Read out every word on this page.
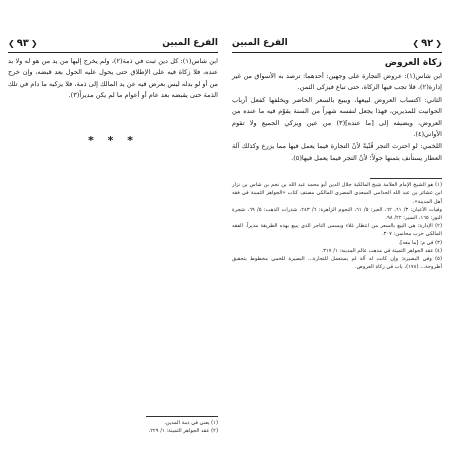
الفرع المبين
❮
٩٣
❯

ابن شاس(١): كل دين ثبت في ذمة(٢)، ولم يخرج إليها من يد من هو له ولا بد عنده، فلا زكاة فيه على الإطلاق حتى يحول عليه الحول بعد قبضه، وإن خرج من أو لو بدله ليس بعرض فيه عن يد المالك إلى ذمة، فلا يزكيه ما دام في تلك الذمة حتى يقبضه بعد عام أو أعوام ما لم يكن مديراً(٣).

* * *

(١) يعني في ذمة المدين.

(٢) عقد الجواهر الثمينة: ١/ ٢٢٩.

❮
٩٢
❯
الفرع المبين
زكاة العروض

ابن شاس(١): عروض التجارة على وجهين: أحدهما: ترصد به الأسواق من غير إدارة(٢)، فلا تجب فيها الزكاة، حتى تباع فيزكى الثمن.

الثاني: اكتساب العروض لبيعها، ويبيع بالسعر الحاضر ويخلفها كفعل أرباب الحوانيت للمديرين، فهذا يجعل لنفسه شهراً من السنة يقوّم فيه ما عنده من العروض، ويضيفه إلى [ما عنده](٣) من عين ويزكي الجميع ولا تقوم الأواني(٤).

اللخمي: لو احترث التجر قُنْيةً لأنّ التجارة فيما يعمل فيها مما يزرع وكذلك آلة العطار يستأنف بثمنها حولاً؛ لأنّ التجر فيما يعمل فيها(٥).

(١) هو الشيخ الإمام العلامة شيخ المالكية جلال الدين أبو محمد عبد الله بن نجم بن شاس بن نزار ابن عشائر بن عبد الله الجذامي السعدي المصري المالكي مصنف كتاب «الجواهر الثمينة في فقه أهل المدينة».

وفيات الأعيان: ٣/ ٦١، ٦٢، العبر: ٥/ ٦١، النجوم الزاهرة: ٦/ ٢٤٣، شذرات الذهب: ٥/ ٦٩، شجرة النور: ١٦٥، السير: ٢٢/ ٩٨.

(٢) الإدارة: هي البيع بالسعر من انتظار غلاء ويسمى التاجر الذي يبيع بهذه الطريقة مديراً. الفقه المالكي حرب محاسن: ٣٠٧.

(٣) في م: [ما معه].

(٤) عقد الجواهر الثمينة في مذهب عالم المدينة: ١/ ٣١٧.

(٥) وفي البصيرة: وإن كانت له آلة لم يستعمل للتجارة... البصيرة للخمي مخطوط بتحقيق أطروحة... (١٧٨)، باب في زكاة العروض.
